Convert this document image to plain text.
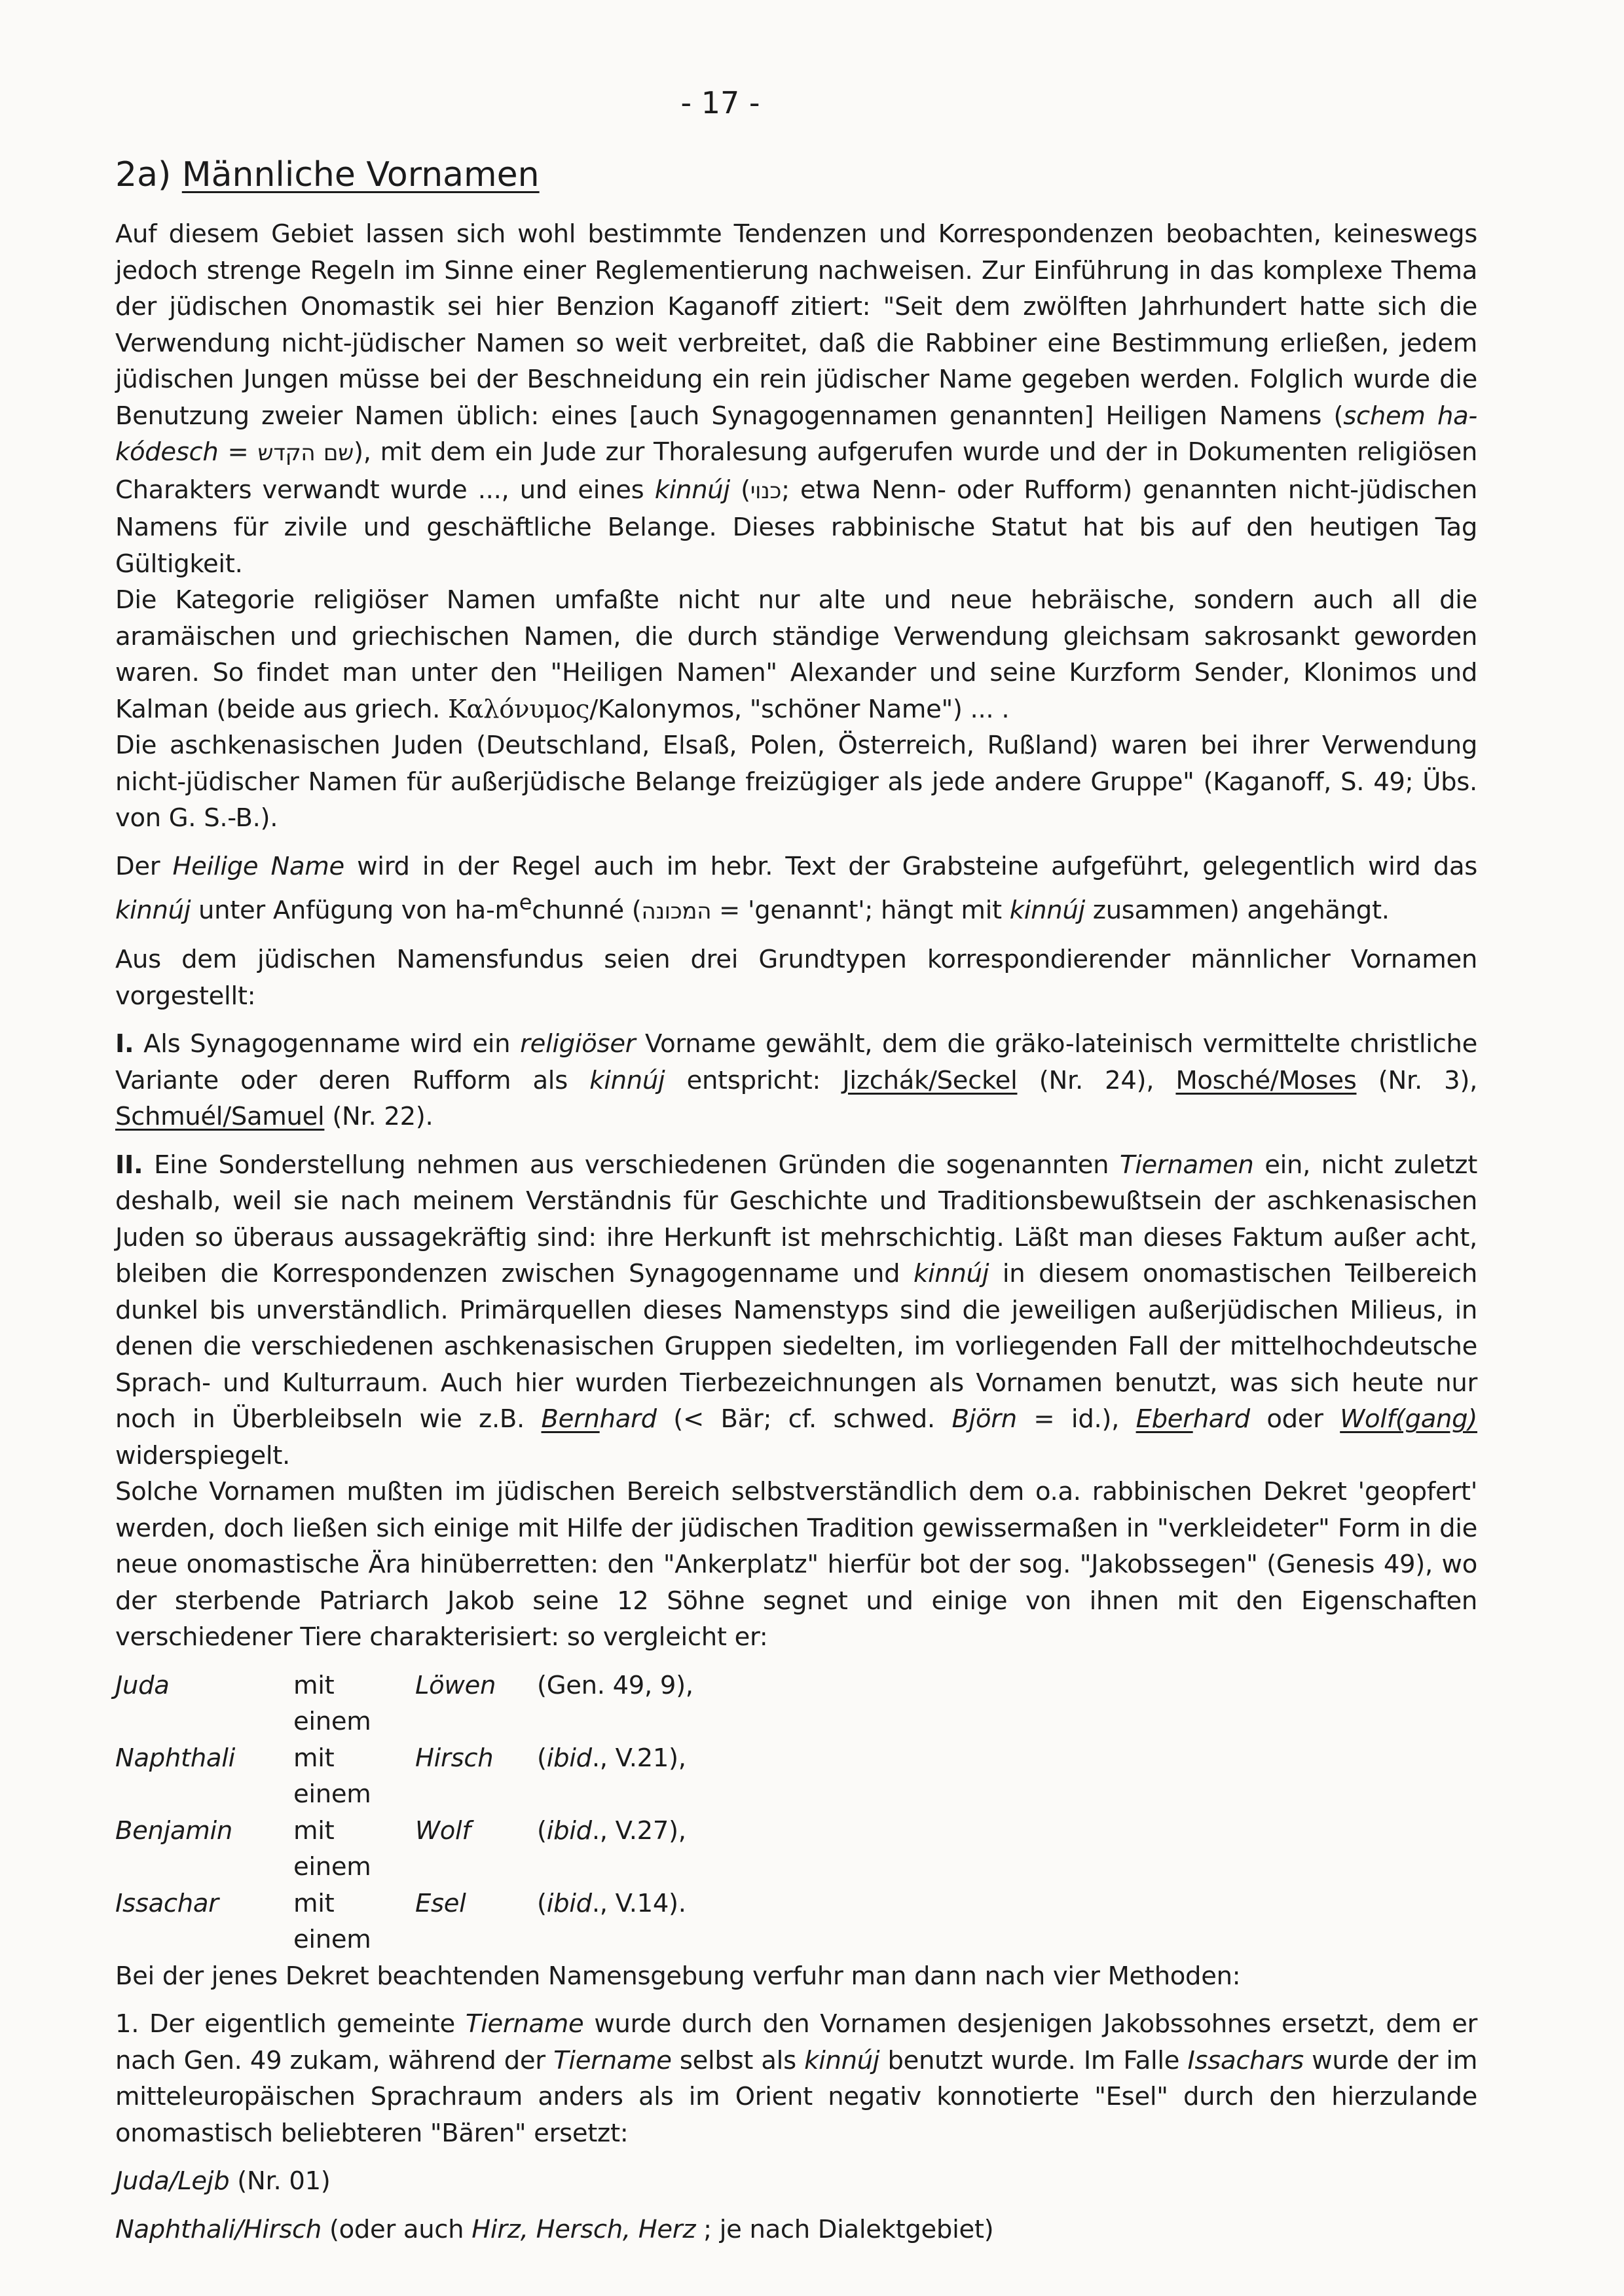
- 17 -
2a) Männliche Vornamen

Auf diesem Gebiet lassen sich wohl bestimmte Tendenzen und Korrespondenzen beobachten, keineswegs jedoch strenge Regeln im Sinne einer Reglementierung nachweisen. Zur Einführung in das komplexe Thema der jüdischen Onomastik sei hier Benzion Kaganoff zitiert: "Seit dem zwölften Jahrhundert hatte sich die Verwendung nicht-jüdischer Namen so weit verbreitet, daß die Rabbiner eine Bestimmung erließen, jedem jüdischen Jungen müsse bei der Beschneidung ein rein jüdischer Name gegeben werden. Folglich wurde die Benutzung zweier Namen üblich: eines [auch Synagogennamen genannten] Heiligen Namens (schem ha-kódesch = שם הקדש), mit dem ein Jude zur Thoralesung aufgerufen wurde und der in Dokumenten religiösen Charakters verwandt wurde ..., und eines kinnúj (כנוי; etwa Nenn- oder Rufform) genannten nicht-jüdischen Namens für zivile und geschäftliche Belange. Dieses rabbinische Statut hat bis auf den heutigen Tag Gültigkeit.

Die Kategorie religiöser Namen umfaßte nicht nur alte und neue hebräische, sondern auch all die aramäischen und griechischen Namen, die durch ständige Verwendung gleichsam sakrosankt geworden waren. So findet man unter den "Heiligen Namen" Alexander und seine Kurzform Sender, Klonimos und Kalman (beide aus griech. Καλόνυμος/Kalonymos, "schöner Name") ... .

Die aschkenasischen Juden (Deutschland, Elsaß, Polen, Österreich, Rußland) waren bei ihrer Verwendung nicht-jüdischer Namen für außerjüdische Belange freizügiger als jede andere Gruppe" (Kaganoff, S. 49; Übs. von G. S.-B.).

Der Heilige Name wird in der Regel auch im hebr. Text der Grabsteine aufgeführt, gelegentlich wird das kinnúj unter Anfügung von $ha-m^echunné$ (המכונה = 'genannt'; hängt mit kinnúj zusammen) angehängt.

Aus dem jüdischen Namensfundus seien drei Grundtypen korrespondierender männlicher Vornamen vorgestellt:

I. Als Synagogenname wird ein religiöser Vorname gewählt, dem die gräko-lateinisch vermittelte christliche Variante oder deren Rufform als kinnúj entspricht: Jizchák/Seckel (Nr. 24), Mosché/Moses (Nr. 3), Schmuél/Samuel (Nr. 22).

II. Eine Sonderstellung nehmen aus verschiedenen Gründen die sogenannten Tiernamen ein, nicht zuletzt deshalb, weil sie nach meinem Verständnis für Geschichte und Traditionsbewußtsein der aschkenasischen Juden so überaus aussagekräftig sind: ihre Herkunft ist mehrschichtig. Läßt man dieses Faktum außer acht, bleiben die Korrespondenzen zwischen Synagogenname und kinnúj in diesem onomastischen Teilbereich dunkel bis unverständlich. Primärquellen dieses Namenstyps sind die jeweiligen außerjüdischen Milieus, in denen die verschiedenen aschkenasischen Gruppen siedelten, im vorliegenden Fall der mittelhochdeutsche Sprach- und Kulturraum. Auch hier wurden Tierbezeichnungen als Vornamen benutzt, was sich heute nur noch in Überbleibseln wie z.B. Bernhard (< Bär; cf. schwed. Björn = id.), Eberhard oder Wolf(gang) widerspiegelt.

Solche Vornamen mußten im jüdischen Bereich selbstverständlich dem o.a. rabbinischen Dekret 'geopfert' werden, doch ließen sich einige mit Hilfe der jüdischen Tradition gewissermaßen in "verkleideter" Form in die neue onomastische Ära hinüberretten: den "Ankerplatz" hierfür bot der sog. "Jakobssegen" (Genesis 49), wo der sterbende Patriarch Jakob seine 12 Söhne segnet und einige von ihnen mit den Eigenschaften verschiedener Tiere charakterisiert: so vergleicht er:

Juda	mit einem	Löwen	(Gen. 49, 9),
Naphthali	mit einem	Hirsch	(ibid., V.21),
Benjamin	mit einem	Wolf	(ibid., V.27),
Issachar	mit einem	Esel	(ibid., V.14).

Bei der jenes Dekret beachtenden Namensgebung verfuhr man dann nach vier Methoden:

1. Der eigentlich gemeinte Tiername wurde durch den Vornamen desjenigen Jakobssohnes ersetzt, dem er nach Gen. 49 zukam, während der Tiername selbst als kinnúj benutzt wurde. Im Falle Issachars wurde der im mitteleuropäischen Sprachraum anders als im Orient negativ konnotierte "Esel" durch den hierzulande onomastisch beliebteren "Bären" ersetzt:

Juda/Lejb (Nr. 01)

Naphthali/Hirsch (oder auch Hirz, Hersch, Herz ; je nach Dialektgebiet)
